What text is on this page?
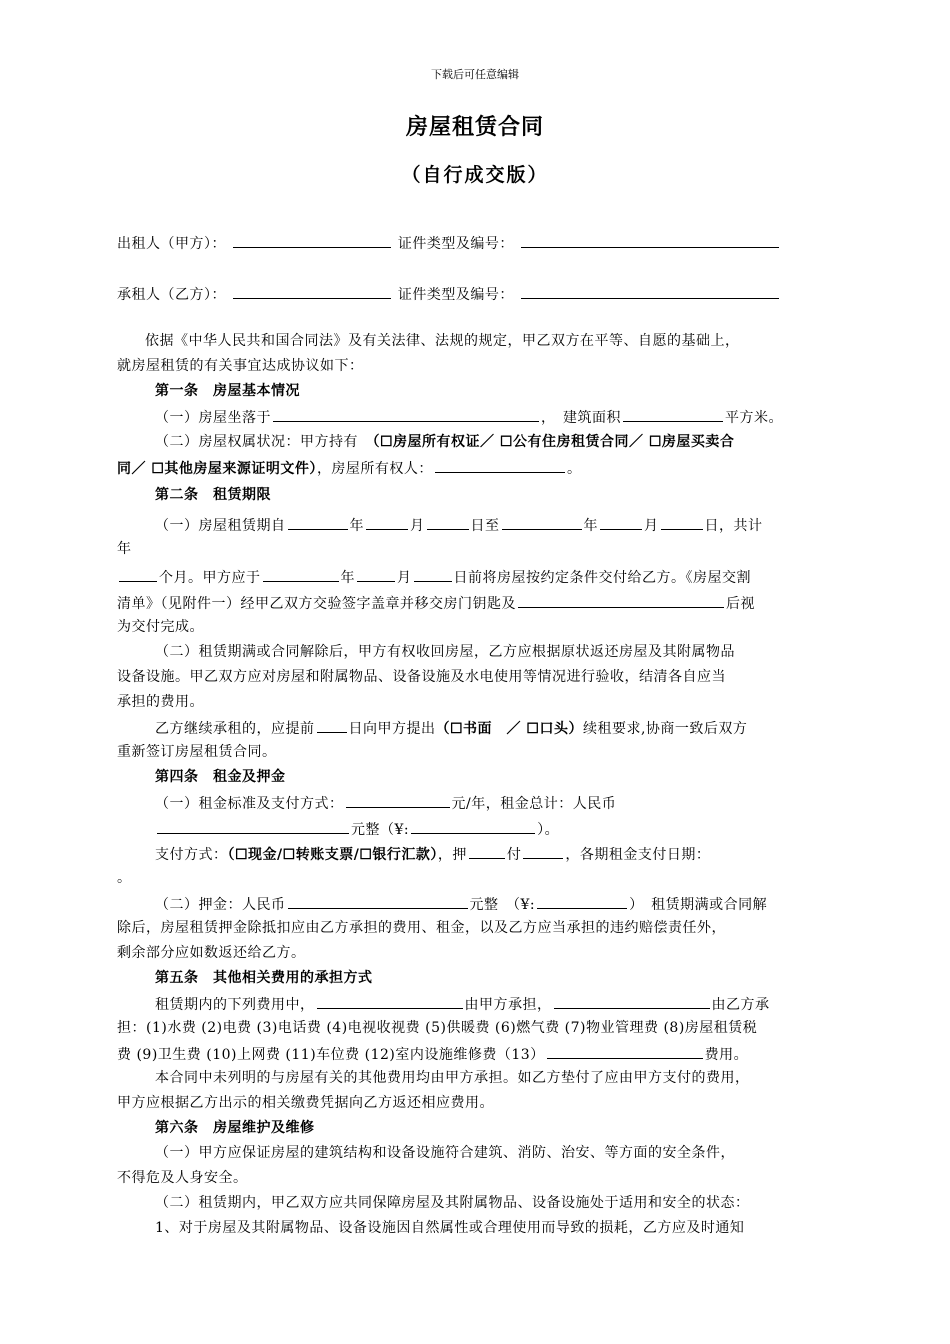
下载后可任意编辑
房屋租赁合同
（自行成交版）
出租人（甲方）：	证件类型及编号：
承租人（乙方）：	证件类型及编号：
依据《中华人民共和国合同法》及有关法律、法规的规定，甲乙双方在平等、自愿的基础上，
就房屋租赁的有关事宜达成协议如下：
第一条　房屋基本情况
（一）房屋坐落于	，　建筑面积	平方米。
（二）房屋权属状况：甲方持有　（☐房屋所有权证／ ☐公有住房租赁合同／ ☐房屋买卖合
同／ ☐其他房屋来源证明文件），房屋所有权人：	。
第二条　租赁期限
（一）房屋租赁期自	年	月	日至	年	月	日，共计
年
个月。甲方应于	年	月	日前将房屋按约定条件交付给乙方。《房屋交割
清单》（见附件一）经甲乙双方交验签字盖章并移交房门钥匙及	后视
为交付完成。
（二）租赁期满或合同解除后，甲方有权收回房屋，乙方应根据原状返还房屋及其附属物品
设备设施。甲乙双方应对房屋和附属物品、设备设施及水电使用等情况进行验收，结清各自应当
承担的费用。
乙方继续承租的，应提前 日向甲方提出（☐书面　／ ☐口头）续租要求,协商一致后双方
重新签订房屋租赁合同。
第四条　租金及押金
（一）租金标准及支付方式：	元/年，租金总计：人民币
元整（¥:	）。
支付方式：（☐现金/☐转账支票/☐银行汇款），押	付	，各期租金支付日期：
。
（二）押金：人民币	元整　（¥:	）　租赁期满或合同解
除后，房屋租赁押金除抵扣应由乙方承担的费用、租金，以及乙方应当承担的违约赔偿责任外，
剩余部分应如数返还给乙方。
第五条　其他相关费用的承担方式
租赁期内的下列费用中，	由甲方承担，	由乙方承
担：(1)水费 (2)电费 (3)电话费 (4)电视收视费 (5)供暖费 (6)燃气费 (7)物业管理费 (8)房屋租赁税
费 (9)卫生费 (10)上网费 (11)车位费 (12)室内设施维修费（13）	费用。
本合同中未列明的与房屋有关的其他费用均由甲方承担。如乙方垫付了应由甲方支付的费用，
甲方应根据乙方出示的相关缴费凭据向乙方返还相应费用。
第六条　房屋维护及维修
（一）甲方应保证房屋的建筑结构和设备设施符合建筑、消防、治安、等方面的安全条件，
不得危及人身安全。
（二）租赁期内，甲乙双方应共同保障房屋及其附属物品、设备设施处于适用和安全的状态：
1、对于房屋及其附属物品、设备设施因自然属性或合理使用而导致的损耗，乙方应及时通知
